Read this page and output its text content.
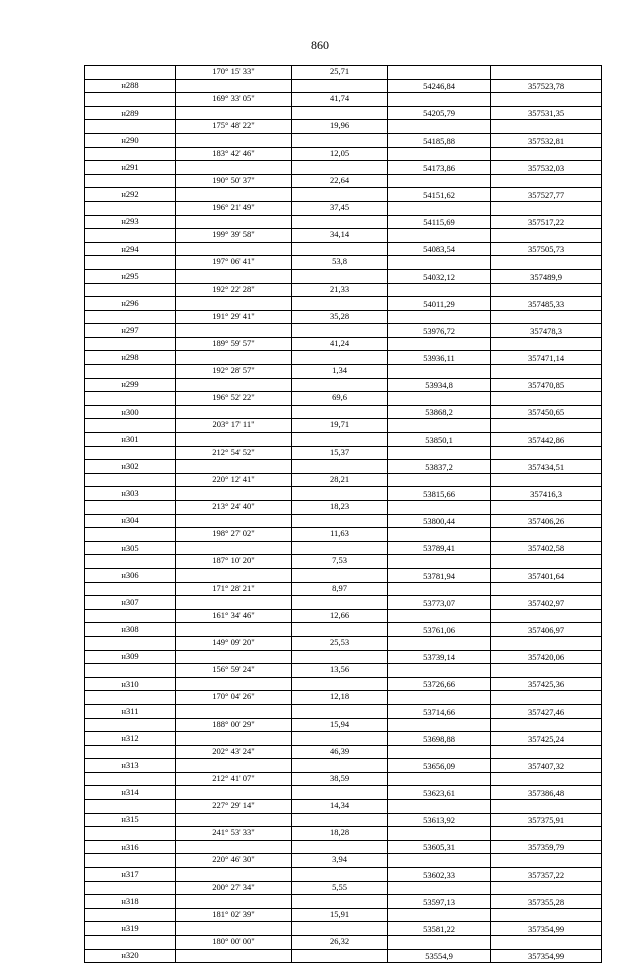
860
	170° 15' 33"	25,71		
н288			54246,84	357523,78
	169° 33' 05"	41,74		
н289			54205,79	357531,35
	175° 48' 22"	19,96		
н290			54185,88	357532,81
	183° 42' 46"	12,05		
н291			54173,86	357532,03
	190° 50' 37"	22,64		
н292			54151,62	357527,77
	196° 21' 49"	37,45		
н293			54115,69	357517,22
	199° 39' 58"	34,14		
н294			54083,54	357505,73
	197° 06' 41"	53,8		
н295			54032,12	357489,9
	192° 22' 28"	21,33		
н296			54011,29	357485,33
	191° 29' 41"	35,28		
н297			53976,72	357478,3
	189° 59' 57"	41,24		
н298			53936,11	357471,14
	192° 28' 57"	1,34		
н299			53934,8	357470,85
	196° 52' 22"	69,6		
н300			53868,2	357450,65
	203° 17' 11"	19,71		
н301			53850,1	357442,86
	212° 54' 52"	15,37		
н302			53837,2	357434,51
	220° 12' 41"	28,21		
н303			53815,66	357416,3
	213° 24' 40"	18,23		
н304			53800,44	357406,26
	198° 27' 02"	11,63		
н305			53789,41	357402,58
	187° 10' 20"	7,53		
н306			53781,94	357401,64
	171° 28' 21"	8,97		
н307			53773,07	357402,97
	161° 34' 46"	12,66		
н308			53761,06	357406,97
	149° 09' 20"	25,53		
н309			53739,14	357420,06
	156° 59' 24"	13,56		
н310			53726,66	357425,36
	170° 04' 26"	12,18		
н311			53714,66	357427,46
	188° 00' 29"	15,94		
н312			53698,88	357425,24
	202° 43' 24"	46,39		
н313			53656,09	357407,32
	212° 41' 07"	38,59		
н314			53623,61	357386,48
	227° 29' 14"	14,34		
н315			53613,92	357375,91
	241° 53' 33"	18,28		
н316			53605,31	357359,79
	220° 46' 30"	3,94		
н317			53602,33	357357,22
	200° 27' 34"	5,55		
н318			53597,13	357355,28
	181° 02' 39"	15,91		
н319			53581,22	357354,99
	180° 00' 00"	26,32		
н320			53554,9	357354,99
